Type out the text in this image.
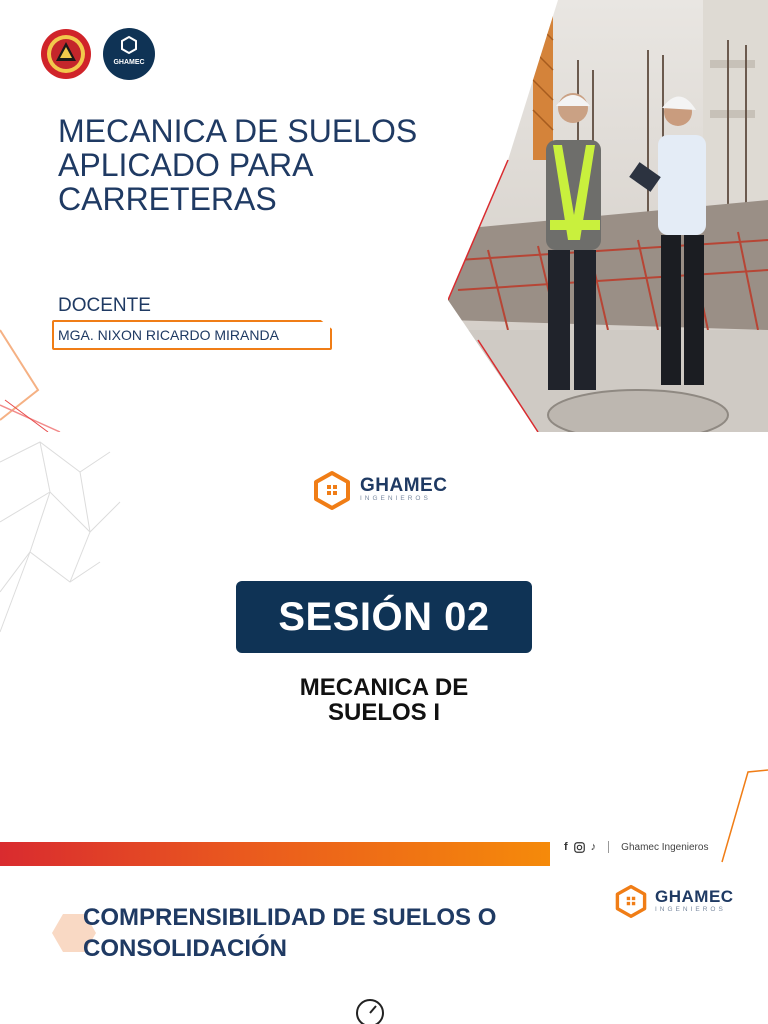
GHAMEC
MECANICA DE SUELOS APLICADO PARA CARRETERAS
DOCENTE
MGA. NIXON RICARDO MIRANDA
GHAMEC
INGENIEROS
SESIÓN 02
MECANICA DE
SUELOS I
f ♪	Ghamec Ingenieros
COMPRENSIBILIDAD DE SUELOS O CONSOLIDACIÓN
GHAMEC
INGENIEROS
